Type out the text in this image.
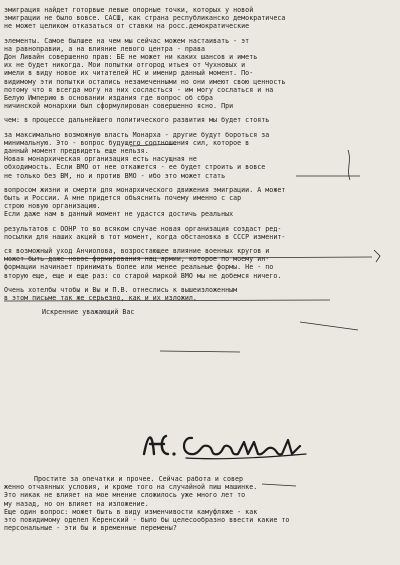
эмиграция найдет готорвые левые опорные точки, которых у новой
эмиграции не было вовсе. САСШ, как страна республиканско демократичеса
не может целиком отказаться от ставки на росс.демократические
элементы. Самое былшее на чем мы сейчас можем настаивать - эт
на равноправии, а на влияние левого центра - права
Дон Ливайн совершенно прав: БЕ не может ни каких шансов и иметь
их не будет никогда. Мои попытки отгород итьея от Чухновых и
имели в виду новое их читателей НС и именир данный момент. По-
видимому эти попытки остались незамеченными но они имеют свою ценность
потому что я всегда могу на них сосласться - им могу сослаться и на
Белую Империю в основании издания где вопрос об сбра
ничинской монархии был сформулирован совершенно ясно. При
чем: в процессе дальнейшего политического развития мы будет стоять
за максимально возможную власть Монарха - другие будут бороться за
минимальную. Это - вопрос будущего соотношения сил, которое в
данный момент предвидеть еще нельзя.
Новая монархическая организация есть насущная не
обходимость. Если ВМО от нее откажется - ее будет строить и вовсе
не только без ВМ, но и против ВМО - ибо это может стать
вопросом жизни и смерти для монархического движения эмиграции. А может
быть и России. А мне придется объяснить почему именно с сар
строю новую организацию.
Если даже нам в данный момент не удастся достичь реальных
результатов с ООНР то во всяком случае новая организация создаст ред-
посылки для наших акций в тот момент, когда обстановка в СССР изменит-
ся возможный уход Анчиолова, возростающее влияние военных кругов и
может быть даже новое формирования нац армии, которое по моему ин-
формации начинает принимать более или менее реальные формы. Не - по
вторую еще, еще и еще раз: со старой маркой ВМО мы не добемся ничего.
Очень хотелбы чтобы и Вы и П.В. отнеслись к вышеизложенным
в этом письме так же серьезно, как и их изложил.
Искренние уважающий Вас
Простите за опечатки и прочее. Сейчас работа и совер
женно отчаянных условия, и кроме того на случайной пиш машинке.
Это никак не влияет на мое мнение сложилось уже много лет то
му назад, но он влияет на изложение.
Еще один вопрос: может быть в виду изменчивости камуфляже - как
это повидимому оделел Керенский - было бы целесообразно ввести какие то
персональные - эти бы и временные перемены?
